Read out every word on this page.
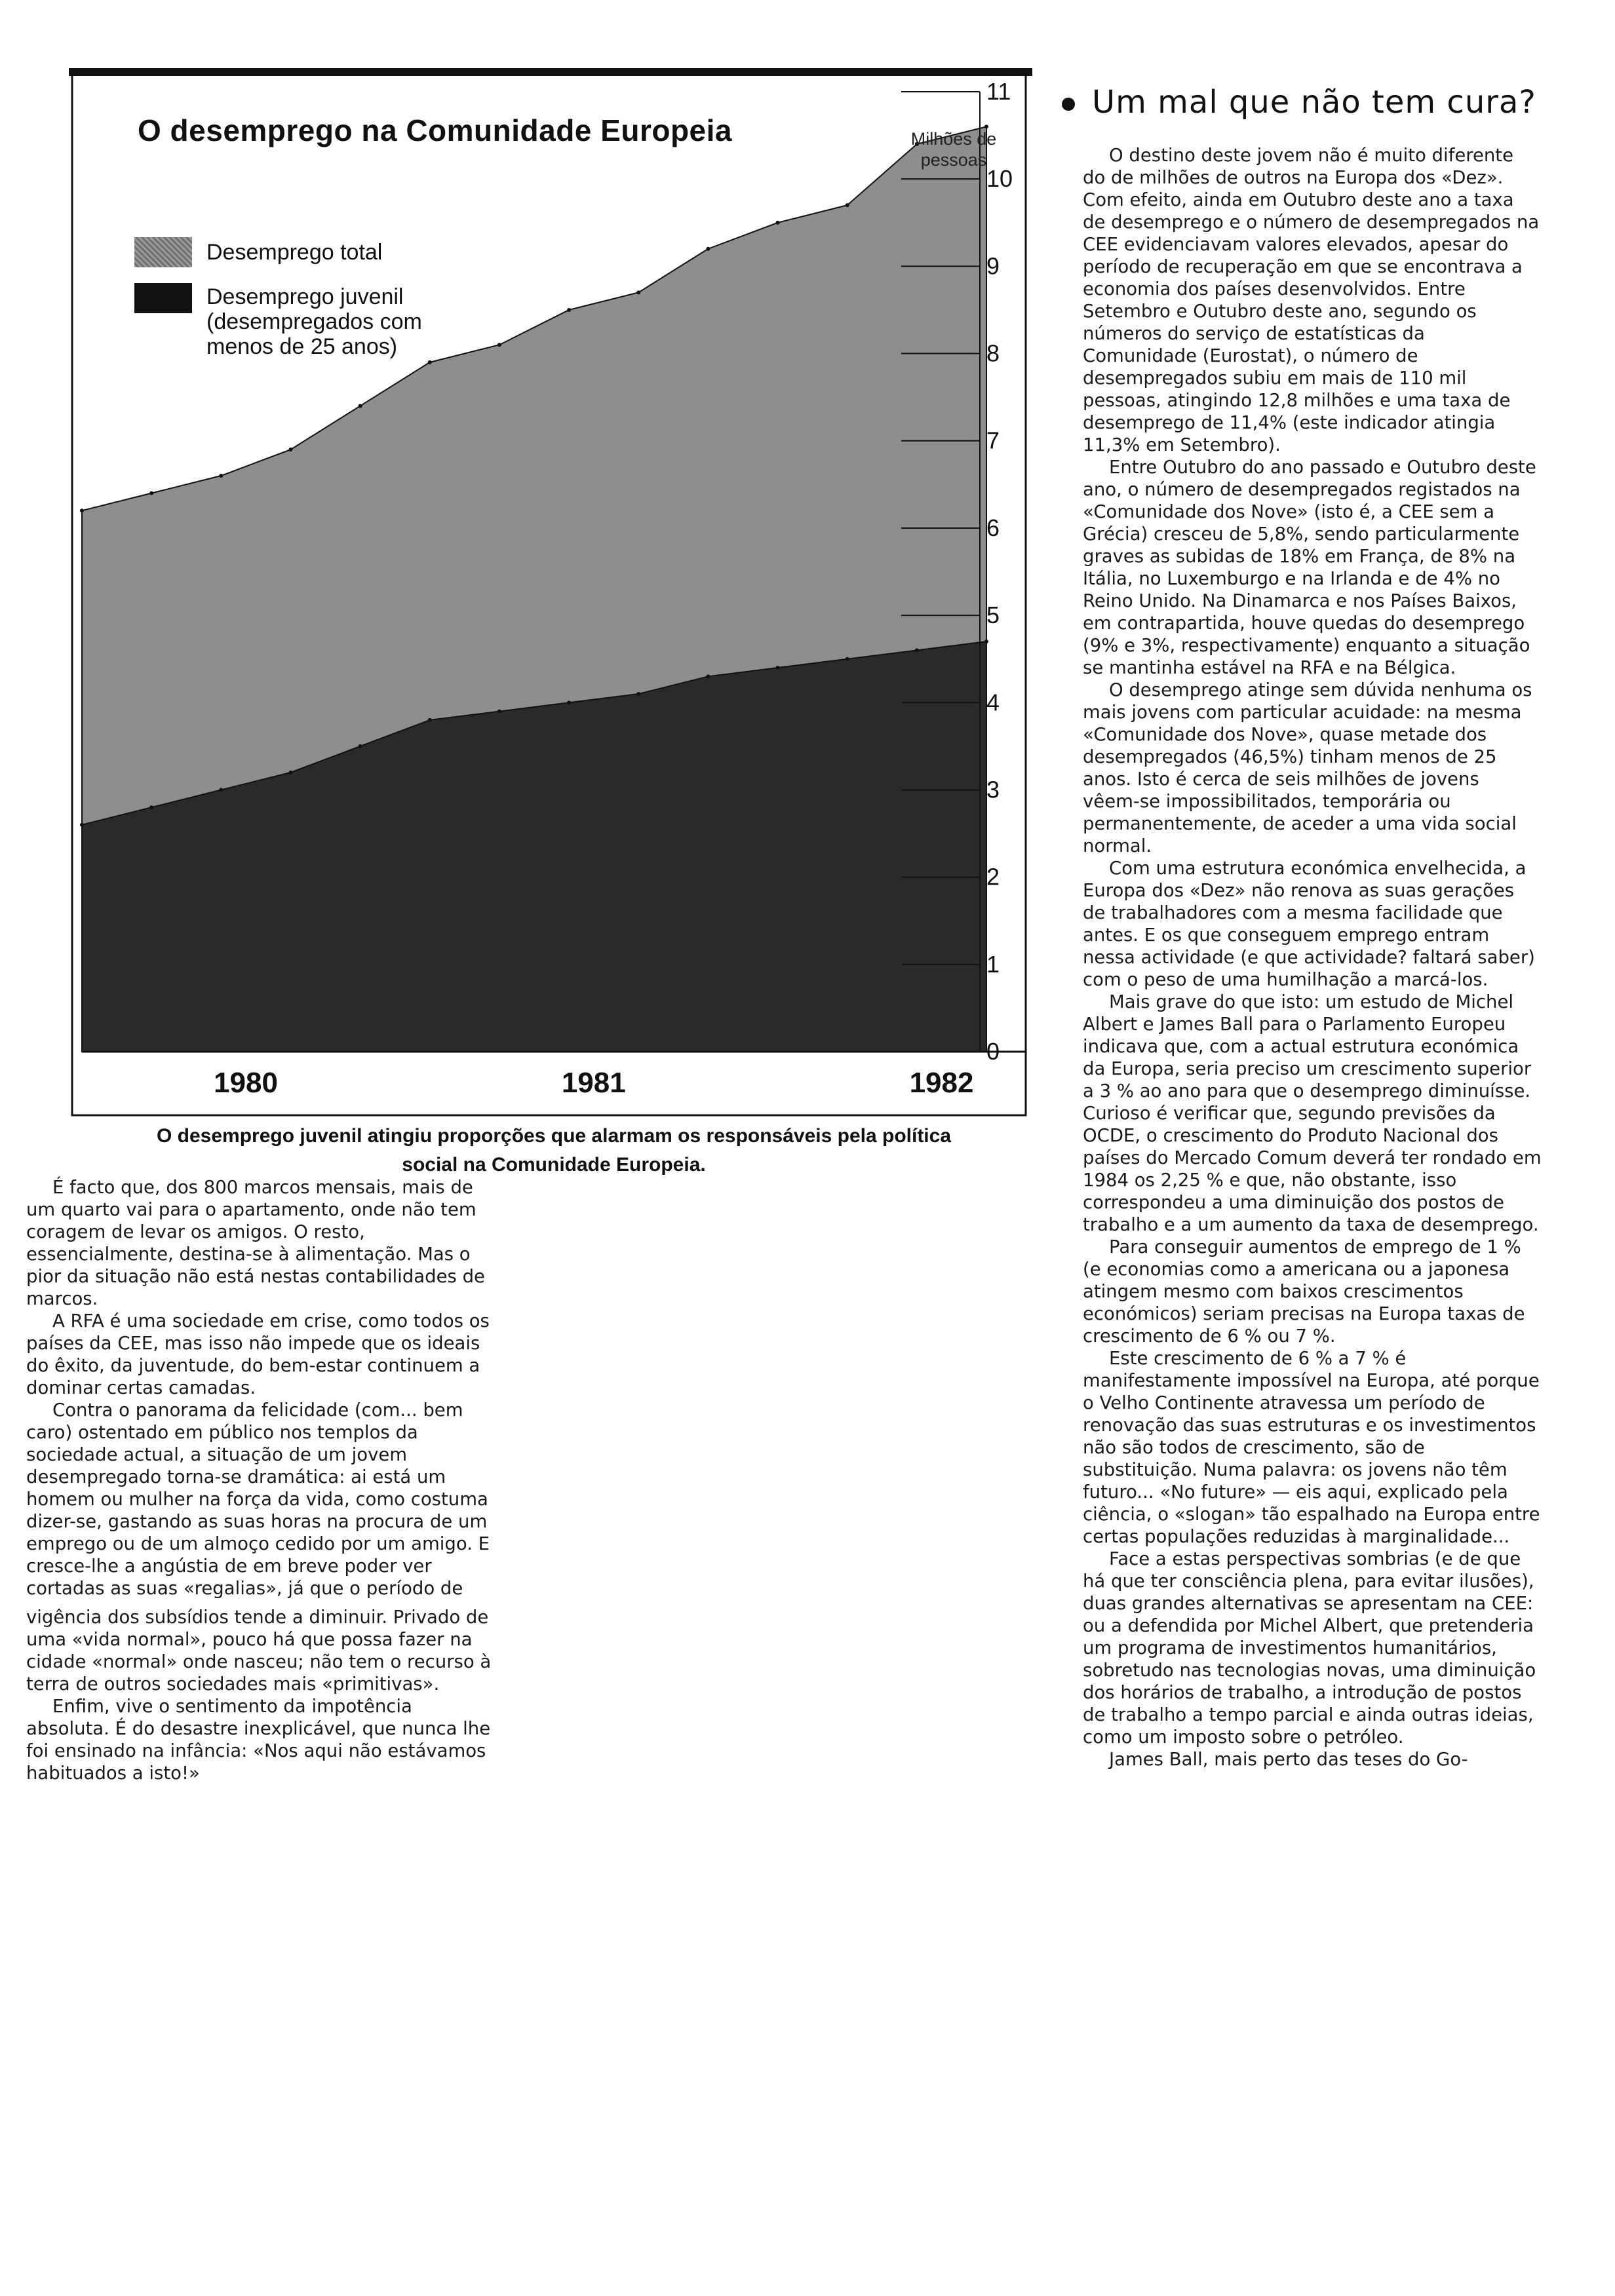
Um mal que não tem cura?
0
1
2
3
4
5
6
7
8
9
10
11
1980	1981	1982
O desemprego na Comunidade Europeia
Desemprego total
Desemprego juvenil (desempregados com menos de 25 anos)
Milhões de pessoas
O desemprego juvenil atingiu proporções que alarmam os responsáveis pela política
social na Comunidade Europeia.

O destino deste jovem não é muito diferente do de milhões de outros na Europa dos «Dez». Com efeito, ainda em Outubro deste ano a taxa de desemprego e o número de desempregados na CEE evidenciavam valores elevados, apesar do período de recuperação em que se encontrava a economia dos países desenvolvidos. Entre Setembro e Outubro deste ano, segundo os números do serviço de estatísticas da Comunidade (Eurostat), o número de desempregados subiu em mais de 110 mil pessoas, atingindo 12,8 milhões e uma taxa de desemprego de 11,4% (este indicador atingia 11,3% em Setembro).

Entre Outubro do ano passado e Outubro deste ano, o número de desempregados registados na «Comunidade dos Nove» (isto é, a CEE sem a Grécia) cresceu de 5,8%, sendo particularmente graves as subidas de 18% em França, de 8% na Itália, no Luxemburgo e na Irlanda e de 4% no Reino Unido. Na Dinamarca e nos Países Baixos, em contrapartida, houve quedas do desemprego (9% e 3%, respectivamente) enquanto a situação se mantinha estável na RFA e na Bélgica.

O desemprego atinge sem dúvida nenhuma os mais jovens com particular acuidade: na mesma «Comunidade dos Nove», quase metade dos desempregados (46,5%) tinham menos de 25 anos. Isto é cerca de seis milhões de jovens vêem-se impossibilitados, temporária ou permanentemente, de aceder a uma vida social normal.

Com uma estrutura económica envelhecida, a Europa dos «Dez» não renova as suas gerações de trabalhadores com a mesma facilidade que antes. E os que conseguem emprego entram nessa actividade (e que actividade? faltará saber) com o peso de uma humilhação a marcá-los.

Mais grave do que isto: um estudo de Michel Albert e James Ball para o Parlamento Europeu indicava que, com a actual estrutura económica da Europa, seria preciso um crescimento superior a 3 % ao ano para que o desemprego diminuísse. Curioso é verificar que, segundo previsões da OCDE, o crescimento do Produto Nacional dos países do Mercado Comum deverá ter rondado em 1984 os 2,25 % e que, não obstante, isso correspondeu a uma diminuição dos postos de trabalho e a um aumento da taxa de desemprego.

Para conseguir aumentos de emprego de 1 % (e economias como a americana ou a japonesa atingem mesmo com baixos crescimentos económicos) seriam precisas na Europa taxas de crescimento de 6 % ou 7 %.

Este crescimento de 6 % a 7 % é manifestamente impossível na Europa, até porque o Velho Continente atravessa um período de renovação das suas estruturas e os investimentos não são todos de crescimento, são de substituição. Numa palavra: os jovens não têm futuro... «No future» — eis aqui, explicado pela ciência, o «slogan» tão espalhado na Europa entre certas populações reduzidas à marginalidade...

Face a estas perspectivas sombrias (e de que há que ter consciência plena, para evitar ilusões), duas grandes alternativas se apresentam na CEE: ou a defendida por Michel Albert, que pretenderia um programa de investimentos humanitários, sobretudo nas tecnologias novas, uma diminuição dos horários de trabalho, a introdução de postos de trabalho a tempo parcial e ainda outras ideias, como um imposto sobre o petróleo.

James Ball, mais perto das teses do Go-

É facto que, dos 800 marcos mensais, mais de um quarto vai para o apartamento, onde não tem coragem de levar os amigos. O resto, essencialmente, destina-se à alimentação. Mas o pior da situação não está nestas contabilidades de marcos.

A RFA é uma sociedade em crise, como todos os países da CEE, mas isso não impede que os ideais do êxito, da juventude, do bem-estar continuem a dominar certas camadas.

Contra o panorama da felicidade (com... bem caro) ostentado em público nos templos da sociedade actual, a situação de um jovem desempregado torna-se dramática: ai está um homem ou mulher na força da vida, como costuma dizer-se, gastando as suas horas na procura de um emprego ou de um almoço cedido por um amigo. E cresce-lhe a angústia de em breve poder ver cortadas as suas «regalias», já que o período de

vigência dos subsídios tende a diminuir. Privado de uma «vida normal», pouco há que possa fazer na cidade «normal» onde nasceu; não tem o recurso à terra de outros sociedades mais «primitivas».

Enfim, vive o sentimento da impotência absoluta. É do desastre inexplicável, que nunca lhe foi ensinado na infância: «Nos aqui não estávamos habituados a isto!»
